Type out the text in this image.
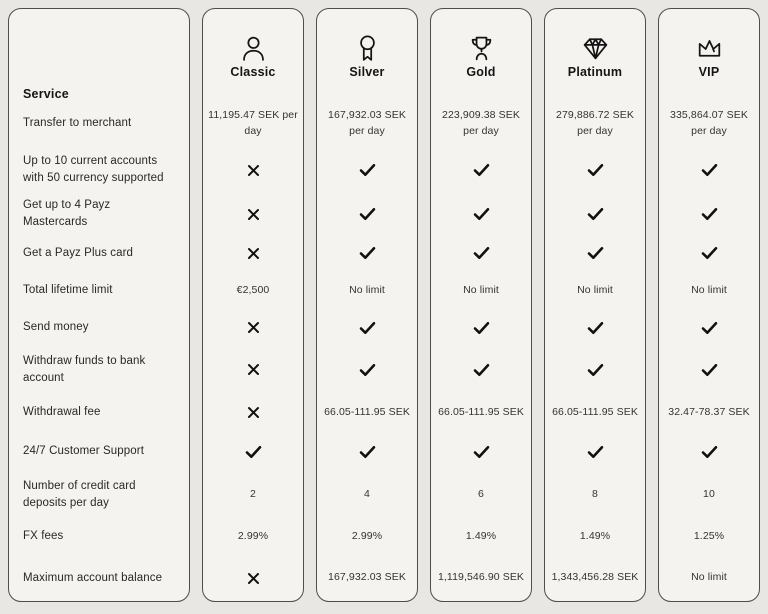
Service
Transfer to merchant
Up to 10 current accounts with 50 currency supported
Get up to 4 Payz Mastercards
Get a Payz Plus card
Total lifetime limit
Send money
Withdraw funds to bank account
Withdrawal fee
24/7 Customer Support
Number of credit card deposits per day
FX fees
Maximum account balance
Classic
11,195.47 SEK per day
€2,500
2
2.99%
Silver
167,932.03 SEK per day
No limit
66.05-111.95 SEK
4
2.99%
167,932.03 SEK
Gold
223,909.38 SEK per day
No limit
66.05-111.95 SEK
6
1.49%
1,119,546.90 SEK
Platinum
279,886.72 SEK per day
No limit
66.05-111.95 SEK
8
1.49%
1,343,456.28 SEK
VIP
335,864.07 SEK per day
No limit
32.47-78.37 SEK
10
1.25%
No limit
